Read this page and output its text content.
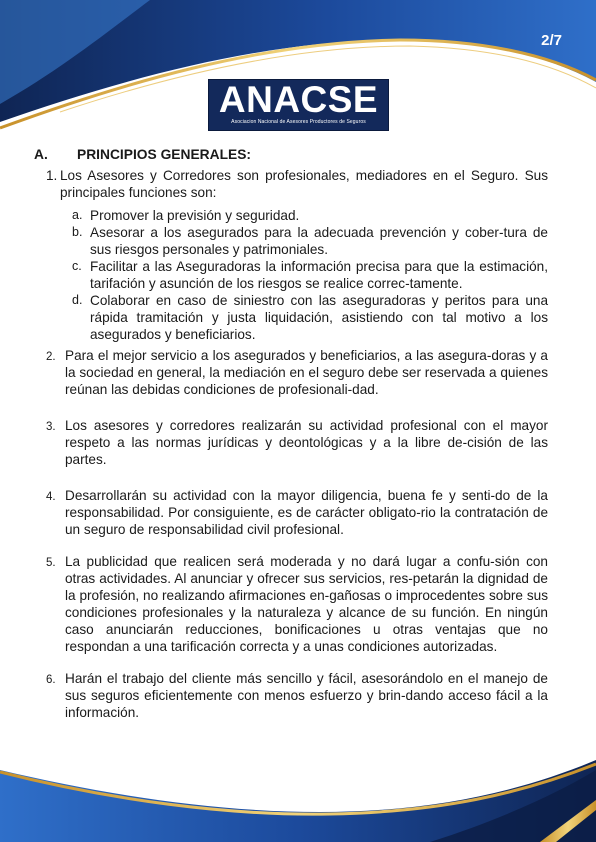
2/7
ANACSE
Asociacion Nacional de Asesores Productores de Seguros
A.	PRINCIPIOS GENERALES:
1. Los Asesores y Corredores son profesionales, mediadores en el Seguro. Sus principales funciones son:
a. Promover la previsión y seguridad.
b. Asesorar a los asegurados para la adecuada prevención y cober-tura de sus riesgos personales y patrimoniales.
c. Facilitar a las Aseguradoras la información precisa para que la estimación, tarifación y asunción de los riesgos se realice correc-tamente.
d. Colaborar en caso de siniestro con las aseguradoras y peritos para una rápida tramitación y justa liquidación, asistiendo con tal motivo a los asegurados y beneficiarios.
2. Para el mejor servicio a los asegurados y beneficiarios, a las asegura-doras y a la sociedad en general, la mediación en el seguro debe ser reservada a quienes reúnan las debidas condiciones de profesionali-dad.
3. Los asesores y corredores realizarán su actividad profesional con el mayor respeto a las normas jurídicas y deontológicas y a la libre de-cisión de las partes.
4. Desarrollarán su actividad con la mayor diligencia, buena fe y senti-do de la responsabilidad. Por consiguiente, es de carácter obligato-rio la contratación de un seguro de responsabilidad civil profesional.
5. La publicidad que realicen será moderada y no dará lugar a confu-sión con otras actividades. Al anunciar y ofrecer sus servicios, res-petarán la dignidad de la profesión, no realizando afirmaciones en-gañosas o improcedentes sobre sus condiciones profesionales y la naturaleza y alcance de su función. En ningún caso anunciarán reducciones, bonificaciones u otras ventajas que no respondan a una tarificación correcta y a unas condiciones autorizadas.
6. Harán el trabajo del cliente más sencillo y fácil, asesorándolo en el manejo de sus seguros eficientemente con menos esfuerzo y brin-dando acceso fácil a la información.
